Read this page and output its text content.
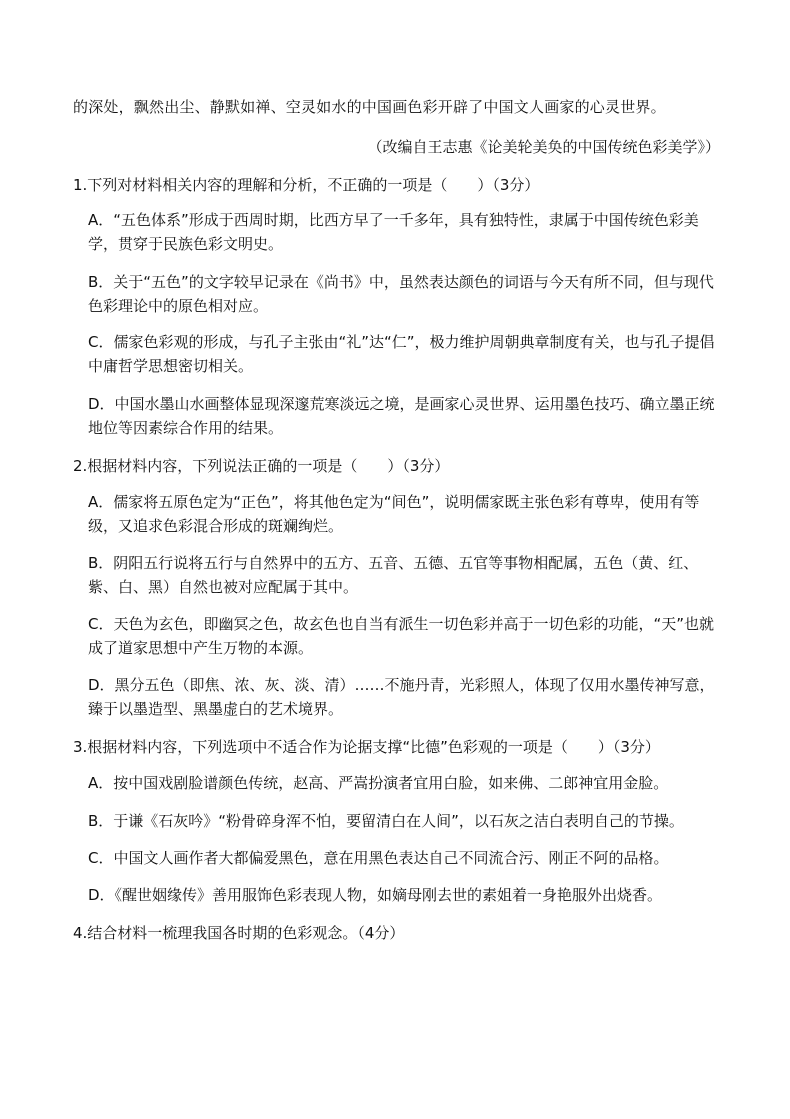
的深处，飘然出尘、静默如禅、空灵如水的中国画色彩开辟了中国文人画家的心灵世界。
（改编自王志惠《论美轮美奂的中国传统色彩美学》）
1.下列对材料相关内容的理解和分析，不正确的一项是（　　）（3分）
A．“五色体系”形成于西周时期，比西方早了一千多年，具有独特性，隶属于中国传统色彩美学，贯穿于民族色彩文明史。
B．关于“五色”的文字较早记录在《尚书》中，虽然表达颜色的词语与今天有所不同，但与现代色彩理论中的原色相对应。
C．儒家色彩观的形成，与孔子主张由“礼”达“仁”，极力维护周朝典章制度有关，也与孔子提倡中庸哲学思想密切相关。
D．中国水墨山水画整体显现深邃荒寒淡远之境，是画家心灵世界、运用墨色技巧、确立墨正统地位等因素综合作用的结果。
2.根据材料内容，下列说法正确的一项是（　　）（3分）
A．儒家将五原色定为“正色”，将其他色定为“间色”，说明儒家既主张色彩有尊卑，使用有等级，又追求色彩混合形成的斑斓绚烂。
B．阴阳五行说将五行与自然界中的五方、五音、五德、五官等事物相配属，五色（黄、红、紫、白、黑）自然也被对应配属于其中。
C．天色为玄色，即幽冥之色，故玄色也自当有派生一切色彩并高于一切色彩的功能，“天”也就成了道家思想中产生万物的本源。
D．黑分五色（即焦、浓、灰、淡、清）……不施丹青，光彩照人，体现了仅用水墨传神写意，臻于以墨造型、黑墨虚白的艺术境界。
3.根据材料内容，下列选项中不适合作为论据支撑“比德”色彩观的一项是（　　）（3分）
A．按中国戏剧脸谱颜色传统，赵高、严嵩扮演者宜用白脸，如来佛、二郎神宜用金脸。
B．于谦《石灰吟》“粉骨碎身浑不怕，要留清白在人间”，以石灰之洁白表明自己的节操。
C．中国文人画作者大都偏爱黑色，意在用黑色表达自己不同流合污、刚正不阿的品格。
D．《醒世姻缘传》善用服饰色彩表现人物，如嫡母刚去世的素姐着一身艳服外出烧香。
4.结合材料一梳理我国各时期的色彩观念。（4分）
